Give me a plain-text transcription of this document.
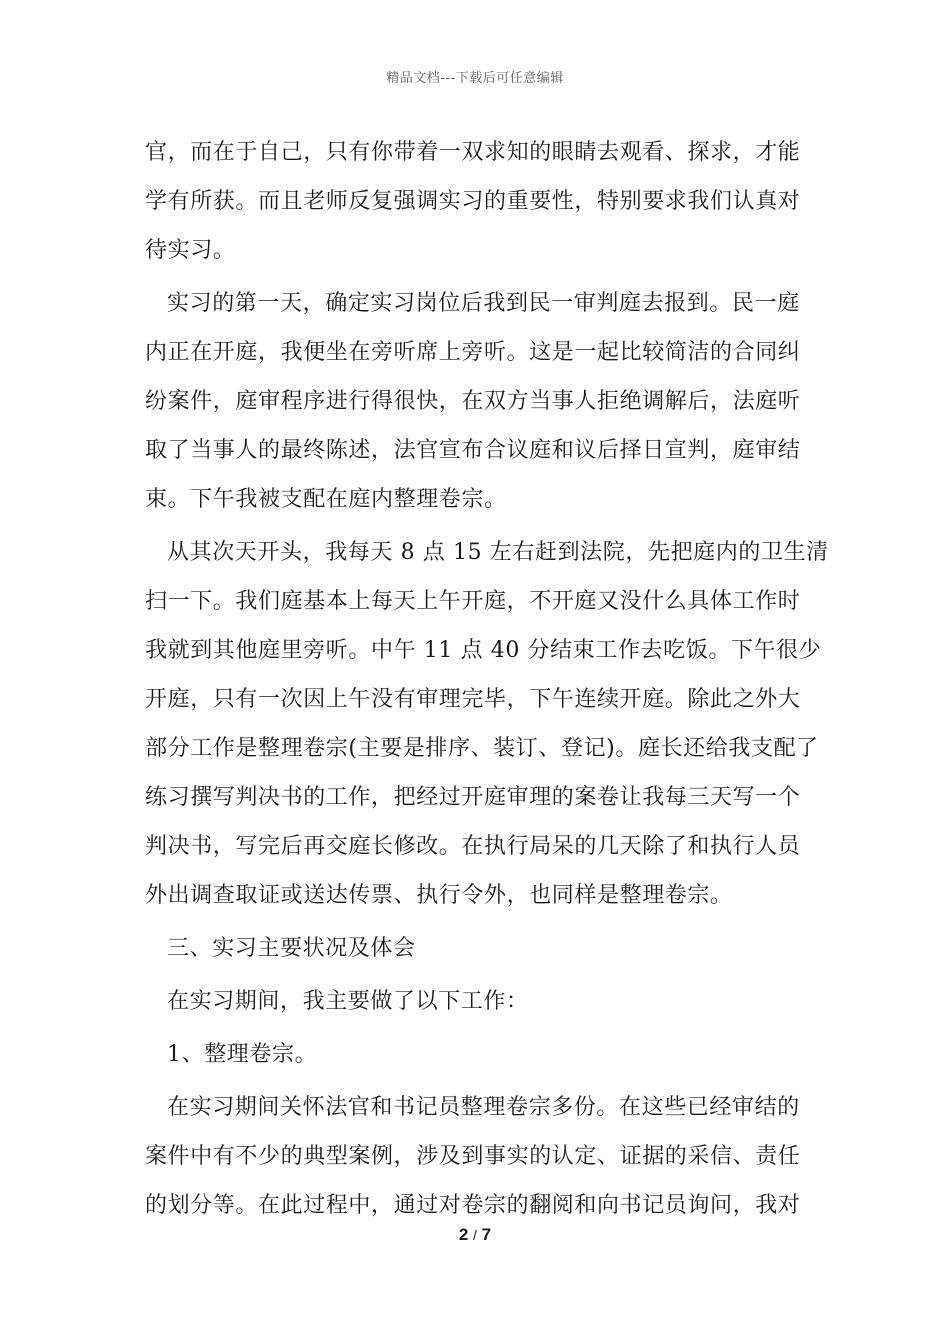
精品文档---下载后可任意编辑
官，而在于自己，只有你带着一双求知的眼睛去观看、探求，才能
学有所获。而且老师反复强调实习的重要性，特别要求我们认真对
待实习。
实习的第一天，确定实习岗位后我到民一审判庭去报到。民一庭
内正在开庭，我便坐在旁听席上旁听。这是一起比较简洁的合同纠
纷案件，庭审程序进行得很快，在双方当事人拒绝调解后，法庭听
取了当事人的最终陈述，法官宣布合议庭和议后择日宣判，庭审结
束。下午我被支配在庭内整理卷宗。
从其次天开头，我每天 8 点 15 左右赶到法院，先把庭内的卫生清
扫一下。我们庭基本上每天上午开庭，不开庭又没什么具体工作时
我就到其他庭里旁听。中午 11 点 40 分结束工作去吃饭。下午很少
开庭，只有一次因上午没有审理完毕，下午连续开庭。除此之外大
部分工作是整理卷宗(主要是排序、装订、登记)。庭长还给我支配了
练习撰写判决书的工作，把经过开庭审理的案卷让我每三天写一个
判决书，写完后再交庭长修改。在执行局呆的几天除了和执行人员
外出调查取证或送达传票、执行令外，也同样是整理卷宗。
三、实习主要状况及体会
在实习期间，我主要做了以下工作：
1、整理卷宗。
在实习期间关怀法官和书记员整理卷宗多份。在这些已经审结的
案件中有不少的典型案例，涉及到事实的认定、证据的采信、责任
的划分等。在此过程中，通过对卷宗的翻阅和向书记员询问，我对
2 / 7
